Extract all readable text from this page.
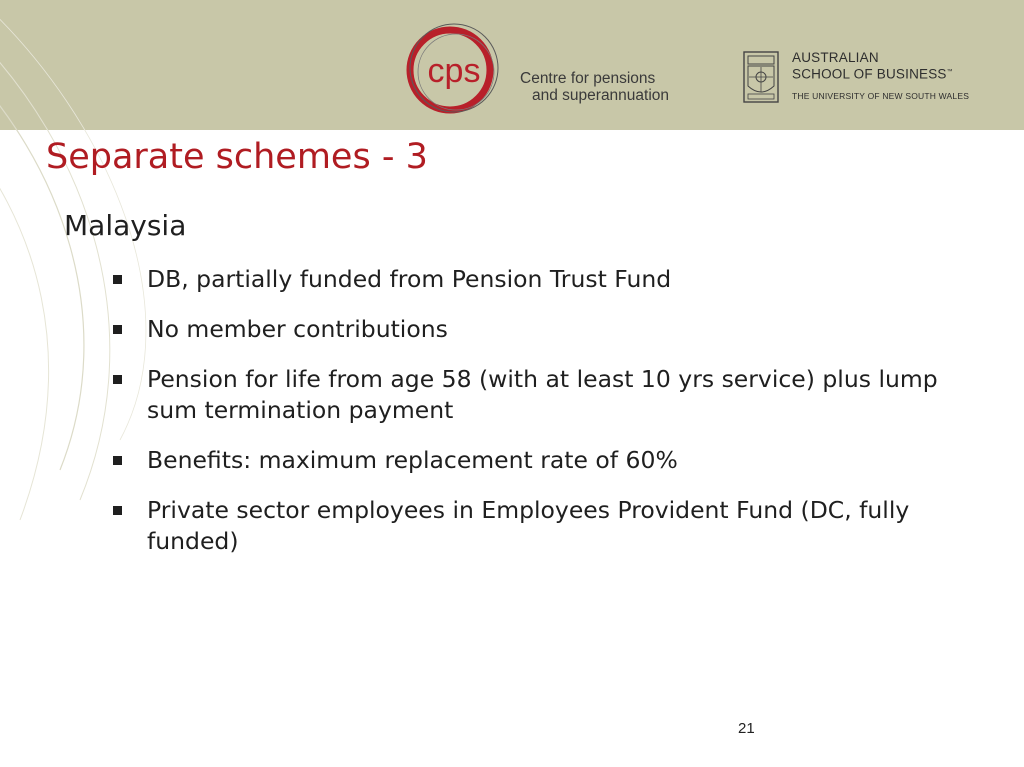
cps	Centre for pensions
and superannuation
AUSTRALIAN
SCHOOL OF BUSINESS™
THE UNIVERSITY OF NEW SOUTH WALES
Separate schemes - 3
Malaysia
DB, partially funded from Pension Trust Fund
No member contributions
Pension for life from age 58 (with at least 10 yrs service) plus lump sum termination payment
Benefits: maximum replacement rate of 60%
Private sector employees in Employees Provident Fund (DC, fully funded)
21
